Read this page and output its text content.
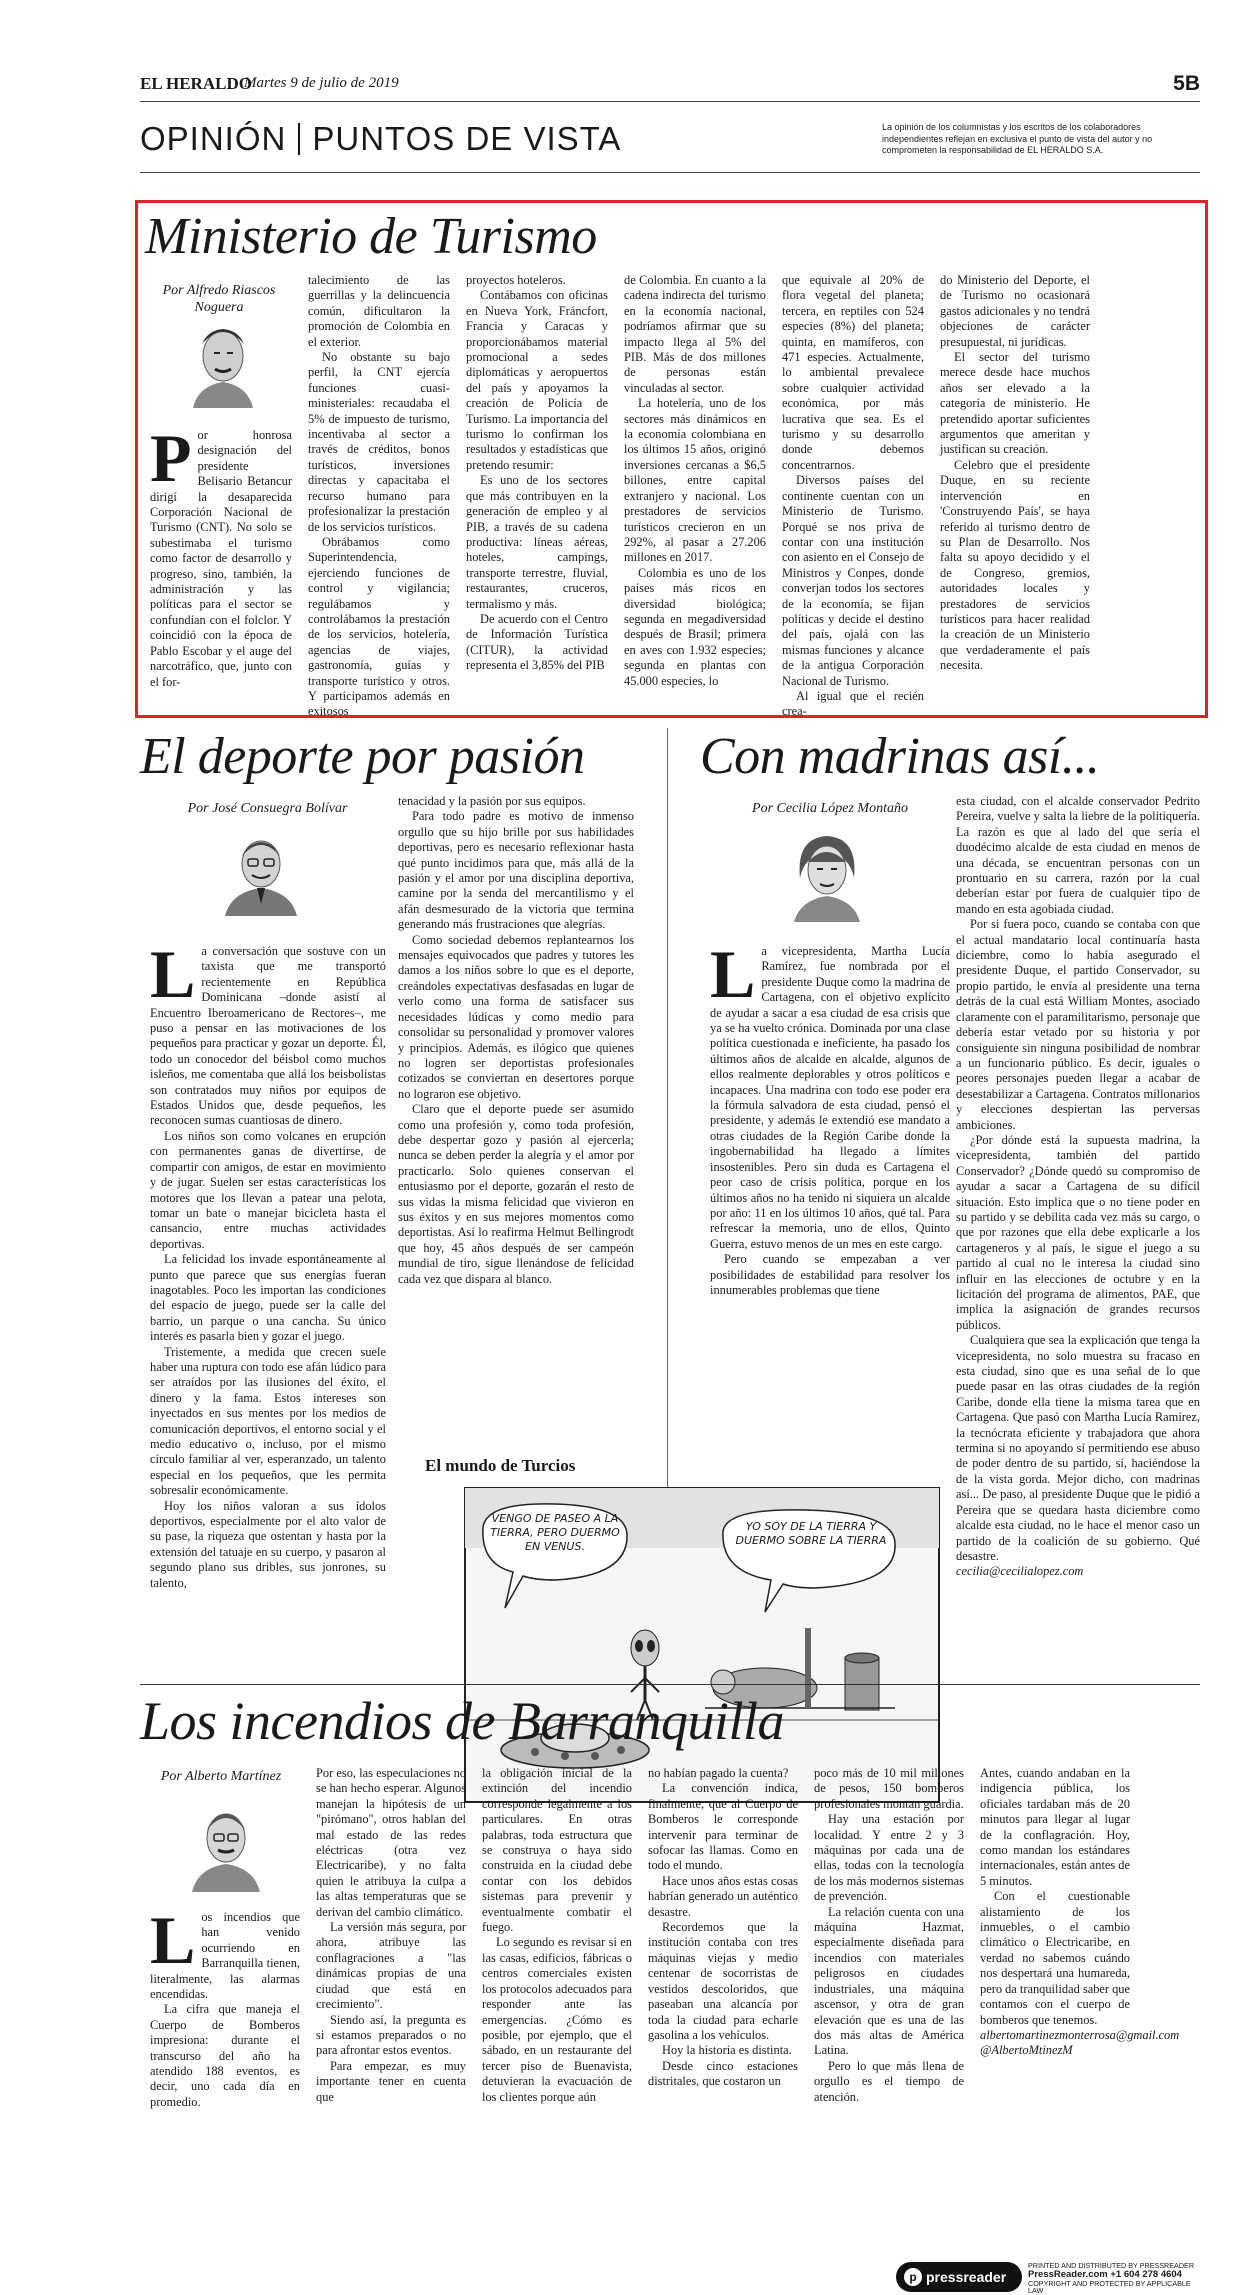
EL HERALDO
Martes 9 de julio de 2019	5B
OPINIÓN PUNTOS DE VISTA	La opinión de los columnistas y los escritos de los colaboradores independientes reflejan en exclusiva el punto de vista del autor y no comprometen la responsabilidad de EL HERALDO S.A.
Ministerio de Turismo
Por Alfredo Riascos Noguera

Por honrosa designación del presidente Belisario Betancur dirigí la desaparecida Corporación Nacional de Turismo (CNT). No solo se subestimaba el turismo como factor de desarrollo y progreso, sino, también, la administración y las políticas para el sector se confundían con el folclor. Y coincidió con la época de Pablo Escobar y el auge del narcotráfico, que, junto con el for-

talecimiento de las guerrillas y la delincuencia común, dificultaron la promoción de Colombia en el exterior.

No obstante su bajo perfil, la CNT ejercía funciones cuasi-ministeriales: recaudaba el 5% de impuesto de turismo, incentivaba al sector a través de créditos, bonos turísticos, inversiones directas y capacitaba el recurso humano para profesionalizar la prestación de los servicios turísticos.

Obrábamos como Superintendencia, ejerciendo funciones de control y vigilancia; regulábamos y controlábamos la prestación de los servicios, hotelería, agencias de viajes, gastronomía, guías y transporte turístico y otros. Y participamos además en exitosos

proyectos hoteleros.

Contábamos con oficinas en Nueva York, Fráncfort, Francia y Caracas y proporcionábamos material promocional a sedes diplomáticas y aeropuertos del país y apoyamos la creación de Policía de Turismo. La importancia del turismo lo confirman los resultados y estadísticas que pretendo resumir:

Es uno de los sectores que más contribuyen en la generación de empleo y al PIB, a través de su cadena productiva: líneas aéreas, hoteles, campings, transporte terrestre, fluvial, restaurantes, cruceros, termalismo y más.

De acuerdo con el Centro de Información Turística (CITUR), la actividad representa el 3,85% del PIB

de Colombia. En cuanto a la cadena indirecta del turismo en la economía nacional, podríamos afirmar que su impacto llega al 5% del PIB. Más de dos millones de personas están vinculadas al sector.

La hotelería, uno de los sectores más dinámicos en la economía colombiana en los últimos 15 años, originó inversiones cercanas a $6,5 billones, entre capital extranjero y nacional. Los prestadores de servicios turísticos crecieron en un 292%, al pasar a 27.206 millones en 2017.

Colombia es uno de los países más ricos en diversidad biológica; segunda en megadiversidad después de Brasil; primera en aves con 1.932 especies; segunda en plantas con 45.000 especies, lo

que equivale al 20% de flora vegetal del planeta; tercera, en reptiles con 524 especies (8%) del planeta; quinta, en mamíferos, con 471 especies. Actualmente, lo ambiental prevalece sobre cualquier actividad económica, por más lucrativa que sea. Es el turismo y su desarrollo donde debemos concentrarnos.

Diversos países del continente cuentan con un Ministerio de Turismo. Porqué se nos priva de contar con una institución con asiento en el Consejo de Ministros y Conpes, donde converjan todos los sectores de la economía, se fijan políticas y decide el destino del país, ojalá con las mismas funciones y alcance de la antigua Corporación Nacional de Turismo.

Al igual que el recién crea-

do Ministerio del Deporte, el de Turismo no ocasionará gastos adicionales y no tendrá objeciones de carácter presupuestal, ni jurídicas.

El sector del turismo merece desde hace muchos años ser elevado a la categoría de ministerio. He pretendido aportar suficientes argumentos que ameritan y justifican su creación.

Celebro que el presidente Duque, en su reciente intervención en 'Construyendo País', se haya referido al turismo dentro de su Plan de Desarrollo. Nos falta su apoyo decidido y el de Congreso, gremios, autoridades locales y prestadores de servicios turísticos para hacer realidad la creación de un Ministerio que verdaderamente el país necesita.

El deporte por pasión
Por José Consuegra Bolívar

La conversación que sostuve con un taxista que me transportó recientemente en República Dominicana –donde asistí al Encuentro Iberoamericano de Rectores–, me puso a pensar en las motivaciones de los pequeños para practicar y gozar un deporte. Él, todo un conocedor del béisbol como muchos isleños, me comentaba que allá los beisbolistas son contratados muy niños por equipos de Estados Unidos que, desde pequeños, les reconocen sumas cuantiosas de dinero.

Los niños son como volcanes en erupción con permanentes ganas de divertirse, de compartir con amigos, de estar en movimiento y de jugar. Suelen ser estas características los motores que los llevan a patear una pelota, tomar un bate o manejar bicicleta hasta el cansancio, entre muchas actividades deportivas.

La felicidad los invade espontáneamente al punto que parece que sus energías fueran inagotables. Poco les importan las condiciones del espacio de juego, puede ser la calle del barrio, un parque o una cancha. Su único interés es pasarla bien y gozar el juego.

Tristemente, a medida que crecen suele haber una ruptura con todo ese afán lúdico para ser atraídos por las ilusiones del éxito, el dinero y la fama. Estos intereses son inyectados en sus mentes por los medios de comunicación deportivos, el entorno social y el medio educativo o, incluso, por el mismo círculo familiar al ver, esperanzado, un talento especial en los pequeños, que les permita sobresalir económicamente.

Hoy los niños valoran a sus ídolos deportivos, especialmente por el alto valor de su pase, la riqueza que ostentan y hasta por la extensión del tatuaje en su cuerpo, y pasaron al segundo plano sus dribles, sus jonrones, su talento,

tenacidad y la pasión por sus equipos.

Para todo padre es motivo de inmenso orgullo que su hijo brille por sus habilidades deportivas, pero es necesario reflexionar hasta qué punto incidimos para que, más allá de la pasión y el amor por una disciplina deportiva, camine por la senda del mercantilismo y el afán desmesurado de la victoria que termina generando más frustraciones que alegrías.

Como sociedad debemos replantearnos los mensajes equivocados que padres y tutores les damos a los niños sobre lo que es el deporte, creándoles expectativas desfasadas en lugar de verlo como una forma de satisfacer sus necesidades lúdicas y como medio para consolidar su personalidad y promover valores y principios. Además, es ilógico que quienes no logren ser deportistas profesionales cotizados se conviertan en desertores porque no lograron ese objetivo.

Claro que el deporte puede ser asumido como una profesión y, como toda profesión, debe despertar gozo y pasión al ejercerla; nunca se deben perder la alegría y el amor por practicarlo. Solo quienes conservan el entusiasmo por el deporte, gozarán el resto de sus vidas la misma felicidad que vivieron en sus éxitos y en sus mejores momentos como deportistas. Así lo reafirma Helmut Bellingrodt que hoy, 45 años después de ser campeón mundial de tiro, sigue llenándose de felicidad cada vez que dispara al blanco.

Con madrinas así...
Por Cecilia López Montaño

La vicepresidenta, Martha Lucía Ramírez, fue nombrada por el presidente Duque como la madrina de Cartagena, con el objetivo explícito de ayudar a sacar a esa ciudad de esa crisis que ya se ha vuelto crónica. Dominada por una clase política cuestionada e ineficiente, ha pasado los últimos años de alcalde en alcalde, algunos de ellos realmente deplorables y otros políticos e incapaces. Una madrina con todo ese poder era la fórmula salvadora de esta ciudad, pensó el presidente, y además le extendió ese mandato a otras ciudades de la Región Caribe donde la ingobernabilidad ha llegado a límites insostenibles. Pero sin duda es Cartagena el peor caso de crisis política, porque en los últimos años no ha tenido ni siquiera un alcalde por año: 11 en los últimos 10 años, qué tal. Para refrescar la memoria, uno de ellos, Quinto Guerra, estuvo menos de un mes en este cargo.

Pero cuando se empezaban a ver posibilidades de estabilidad para resolver los innumerables problemas que tiene

esta ciudad, con el alcalde conservador Pedrito Pereira, vuelve y salta la liebre de la politiquería. La razón es que al lado del que sería el duodécimo alcalde de esta ciudad en menos de una década, se encuentran personas con un prontuario en su carrera, razón por la cual deberían estar por fuera de cualquier tipo de mando en esta agobiada ciudad.

Por si fuera poco, cuando se contaba con que el actual mandatario local continuaría hasta diciembre, como lo había asegurado el presidente Duque, el partido Conservador, su propio partido, le envía al presidente una terna detrás de la cual está William Montes, asociado claramente con el paramilitarismo, personaje que debería estar vetado por su historia y por consiguiente sin ninguna posibilidad de nombrar a un funcionario público. Es decir, iguales o peores personajes pueden llegar a acabar de desestabilizar a Cartagena. Contratos millonarios y elecciones despiertan las perversas ambiciones.

¿Por dónde está la supuesta madrina, la vicepresidenta, también del partido Conservador? ¿Dónde quedó su compromiso de ayudar a sacar a Cartagena de su difícil situación. Esto implica que o no tiene poder en su partido y se debilita cada vez más su cargo, o que por razones que ella debe explicarle a los cartageneros y al país, le sigue el juego a su partido al cual no le interesa la ciudad sino influir en las elecciones de octubre y en la licitación del programa de alimentos, PAE, que implica la asignación de grandes recursos públicos.

Cualquiera que sea la explicación que tenga la vicepresidenta, no solo muestra su fracaso en esta ciudad, sino que es una señal de lo que puede pasar en las otras ciudades de la región Caribe, donde ella tiene la misma tarea que en Cartagena. Que pasó con Martha Lucía Ramírez, la tecnócrata eficiente y trabajadora que ahora termina si no apoyando sí permitiendo ese abuso de poder dentro de su partido, sí, haciéndose la de la vista gorda. Mejor dicho, con madrinas así... De paso, al presidente Duque que le pidió a Pereira que se quedara hasta diciembre como alcalde esta ciudad, no le hace el menor caso un partido de la coalición de su gobierno. Qué desastre.

cecilia@cecilialopez.com

El mundo de Turcios
VENGO DE PASEO A LA TIERRA, PERO DUERMO EN VENUS.
YO SOY DE LA TIERRA Y DUERMO SOBRE LA TIERRA
Los incendios de Barranquilla
Por Alberto Martínez

Los incendios que han venido ocurriendo en Barranquilla tienen, literalmente, las alarmas encendidas.

La cifra que maneja el Cuerpo de Bomberos impresiona: durante el transcurso del año ha atendido 188 eventos, es decir, uno cada día en promedio.

Por eso, las especulaciones no se han hecho esperar. Algunos manejan la hipótesis de un "pirómano", otros hablan del mal estado de las redes eléctricas (otra vez Electricaribe), y no falta quien le atribuya la culpa a las altas temperaturas que se derivan del cambio climático.

La versión más segura, por ahora, atribuye las conflagraciones a "las dinámicas propias de una ciudad que está en crecimiento".

Siendo así, la pregunta es si estamos preparados o no para afrontar estos eventos.

Para empezar, es muy importante tener en cuenta que

la obligación inicial de la extinción del incendio corresponde legalmente a los particulares. En otras palabras, toda estructura que se construya o haya sido construida en la ciudad debe contar con los debidos sistemas para prevenir y eventualmente combatir el fuego.

Lo segundo es revisar si en las casas, edificios, fábricas o centros comerciales existen los protocolos adecuados para responder ante las emergencias. ¿Cómo es posible, por ejemplo, que el sábado, en un restaurante del tercer piso de Buenavista, detuvieran la evacuación de los clientes porque aún

no habían pagado la cuenta?

La convención indica, finalmente, que al Cuerpo de Bomberos le corresponde intervenir para terminar de sofocar las llamas. Como en todo el mundo.

Hace unos años estas cosas habrían generado un auténtico desastre.

Recordemos que la institución contaba con tres máquinas viejas y medio centenar de socorristas de vestidos descoloridos, que paseaban una alcancía por toda la ciudad para echarle gasolina a los vehículos.

Hoy la historia es distinta.

Desde cinco estaciones distritales, que costaron un

poco más de 10 mil millones de pesos, 150 bomberos profesionales montan guardia.

Hay una estación por localidad. Y entre 2 y 3 máquinas por cada una de ellas, todas con la tecnología de los más modernos sistemas de prevención.

La relación cuenta con una máquina Hazmat, especialmente diseñada para incendios con materiales peligrosos en ciudades industriales, una máquina ascensor, y otra de gran elevación que es una de las dos más altas de América Latina.

Pero lo que más llena de orgullo es el tiempo de atención.

Antes, cuando andaban en la indigencia pública, los oficiales tardaban más de 20 minutos para llegar al lugar de la conflagración. Hoy, como mandan los estándares internacionales, están antes de 5 minutos.

Con el cuestionable alistamiento de los inmuebles, o el cambio climático o Electricaribe, en verdad no sabemos cuándo nos despertará una humareda, pero da tranquilidad saber que contamos con el cuerpo de bomberos que tenemos.

albertomartinezmonterrosa@gmail.com

@AlbertoMtinezM

p pressreader
PRINTED AND DISTRIBUTED BY PRESSREADER
PressReader.com +1 604 278 4604
COPYRIGHT AND PROTECTED BY APPLICABLE LAW
